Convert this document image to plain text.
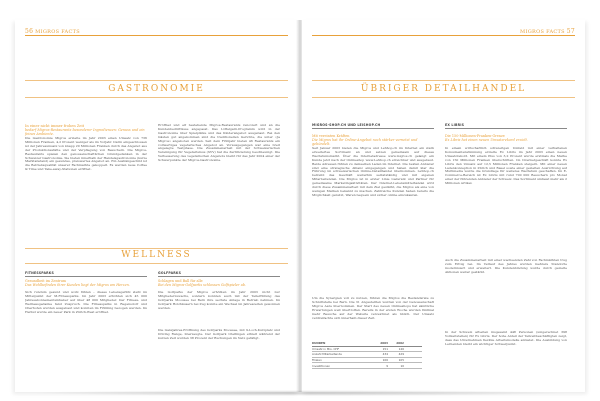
56 MIGROS FACTS
GASTRONOMIE
In einer nicht immer frohen Zeit
bedarf Migros-Restaurants besonderer Ingredienzen: Genuss und ein feines Ambiente.

Die Gastronomie Migros erzielte im Jahr 2003 einen Umsatz von 736 Millionen Franken, 4,2 Prozent weniger als im Vorjahr. Darin eingeschlossen ist der Jahresumsatz von knapp 20 Millionen Franken durch das Angebot aus der Produktionsstätte und der Verpflegung von Besuchern. Die Migros-Restaurants spielen den genossenschaftlichen Grundgedanken in der Schweizer Gastronomie. Sie bieten innerhalb der Handelsgastronomie (kurze Marktabstand) ein gesundes, preiswertes Angebot an. Ein Aushängeschild ist die Betriebsqualität unserer Fachmarkte gekoppelt. Es werden neue Coffee & Time und Take-away-Stationen eröffnet.

Eröffnet und elf bestehende Migros-Restaurants renoviert und an die Kundenbedürfnisse angepasst. Das Löffelgarn-Programm wird in der Gastronomie über Spielplätze und das Kinderangebot ausgebaut. Bei den Gästen gut angekommen sind die traditionellen Gerichte, die unter «Ja Migros» angeboten werden. Seit dem Frühjahr bieten 46 Restaurants ein vollwertiges vegetarisches Angebot an. Vorausgegangen war eine breit angelegte Testphase. Die Zusammenarbeit mit der Schweizerischen Vereinigung für Vegetarismus (SVV) hat die Zertifizierung beschleunigt. Die Verbesserung des vegetarischen Angebots bleibt für das Jahr 2004 einer der Schwerpunkte der Migros-Gastronomie.

WELLNESS
FITNESSPARKS
Gesundheit im Zentrum
Das Wohlbefinden ihrer Kunden liegt der Migros am Herzen.

Sich rundum gesund und wohl fühlen – dieses Lebensgefühl steht im Mittelpunkt der M-Fitnessparks. Im Jahr 2003 erhöhten sich 45 000 Jahresabonnementsinhaber auf über 48 000 Mitglieder. Der Fitness- und Wellnessgedanke fand Zuspruch. Die Fitnessparks in Regensdorf und Oberhofen wurden ausgebaut und konnten im Frühling bezogen werden. Im Herbst wurde ein neuer Park in Zürich-West eröffnet.

GOLFPARKS
Schlagen und Ball für alle
Bei den Migros-Golfparks schlossen Golfspieler ab.

Die Golfparks der Migros erhöhten im Jahr 2003 nicht nur Mitgliederzuwachs, sondern konnten auch mit der Teilerfüllung des Golfparks Moossee bei Bern ihre sechste Anlage in Betrieb nehmen. Im Golfpark Holzhäusern bei Zug konnte ein Wechsel im Jahreszeiten gewonnen werden.

Die Ganzjahres-Eröffnung des Golfparks Moossee, mit 9-Loch-Kurzplatz und Driving Range, überzeugte. Der Golfpark Otelfingen erhielt während der kurzen Zeit wurden 38 Prozent der Buchungen im Netz getätigt.

MIGROS FACTS 57
ÜBRIGER DETAILHANDEL
MIGROS-SHOP.CH UND LEISHOP.CH
Mit vereinten Kräften
Die Migros hat ihr Online-Angebot noch stärker vernetzt und gebündelt.

Seit Januar 2003 bieten die Migros und LeShop.ch im Internet ein stark erweitertes Sortiment an und setzen gemeinsam auf dieses Wachstumsmarkt. Über die Internetadresse www.migros.ch gelangt ein Kunde jetzt nach der Onlineshop www.LeShop.ch erreichbar und ausgebaut. Beide Adressen führen zu demselben Laden im Internet. Die beiden Anbieter sind eine strategische Allianz eingegangen und haben damit klar die Führung im schweizerischen Online-Detailhandel übernommen. LeShop.ch betreibt das Geschäft weiterhin selbstständig und mit eigenen Mitarbeitenden. Die Migros ist in erster Linie Lieferant und Partner für gemeinsame Marketingaktivitäten. Der Internet-Lebensmittelhandel wird durch diese Zusammenarbeit mit dem Ziel gestärkt, die Migros als eine von wenigen Marken bekannt zu machen. Zahlreiche Kunden haben bereits die Möglichkeit genutzt, Waren bequem und sicher online einzukaufen.

Um die Synergien voll zu nutzen, führen die Migros die Bestandsrate zu Schnittstelle bei Bern. Die 31 Angestellten wurden von der Genossenschaft Migros Aare übernommen. Der Start des neuen Onlineshops hat sämtliche Erwartungen weit übertroffen. Bereits in der ersten Woche wurden fünfmal mehr Besuche auf der Website verzeichnet als üblich. Der Umsatz verdreifachte sich innerhalb dieser Zeit.

EX LIBRIS
Die 150-Millionen-Franken-Grenze
Ex Libris hat einen neuen Umsatzrekord erzielt.

In einem wirtschaftlich schwierigen Umfeld mit einer verhaltenen Konsumentenstimmung erzielte Ex Libris im Jahr 2003 einen neuen Umsatzrekord. Mit einem Plus von 3,2 Prozent wurde erstmals die Marke von 150 Millionen Franken überschritten. Im Internetgeschäft konnte Ex Libris den Umsatz auf 12,5 Millionen Franken steigern. Mit einer neuen Ladenkonzeption in Zürich und Basel sowie einer gezielten Ausrichtung auf Multimedia wurde die Grundlage für weiteres Wachstum geschaffen. Im E-Commerce-Bereich ist Ex Libris mit rund 700 000 Besuchern pro Monat einer der führenden Anbieter der Schweiz. Das Sortiment umfasst mehr als 2 Millionen Artikel.

Auch die Zusammenarbeit mit einer wachsenden Zahl von Fachmärkten trug zum Erfolg bei. Im Verlauf des Jahres wurden mehrere Standorte modernisiert und erweitert. Die Kundenbindung wurde durch gezielte Aktionen weiter gestärkt.

KUNDEN	2003	2002
Umsatz in Mio. CHF	151	146
Anzahl Mitarbeitende	434	429
Filialen	106	105
Investitionen	9	10

In der Schweiz arbeiten insgesamt 448 Personen (umgerechnet 398 Vollzeitstellen) für Ex Libris. Der hohe Anteil der Teilzeitbeschäftigten zeigt, dass das Unternehmen flexible Arbeitsmodelle anbietet. Die Ausbildung von Lernenden bleibt ein wichtiger Schwerpunkt.
